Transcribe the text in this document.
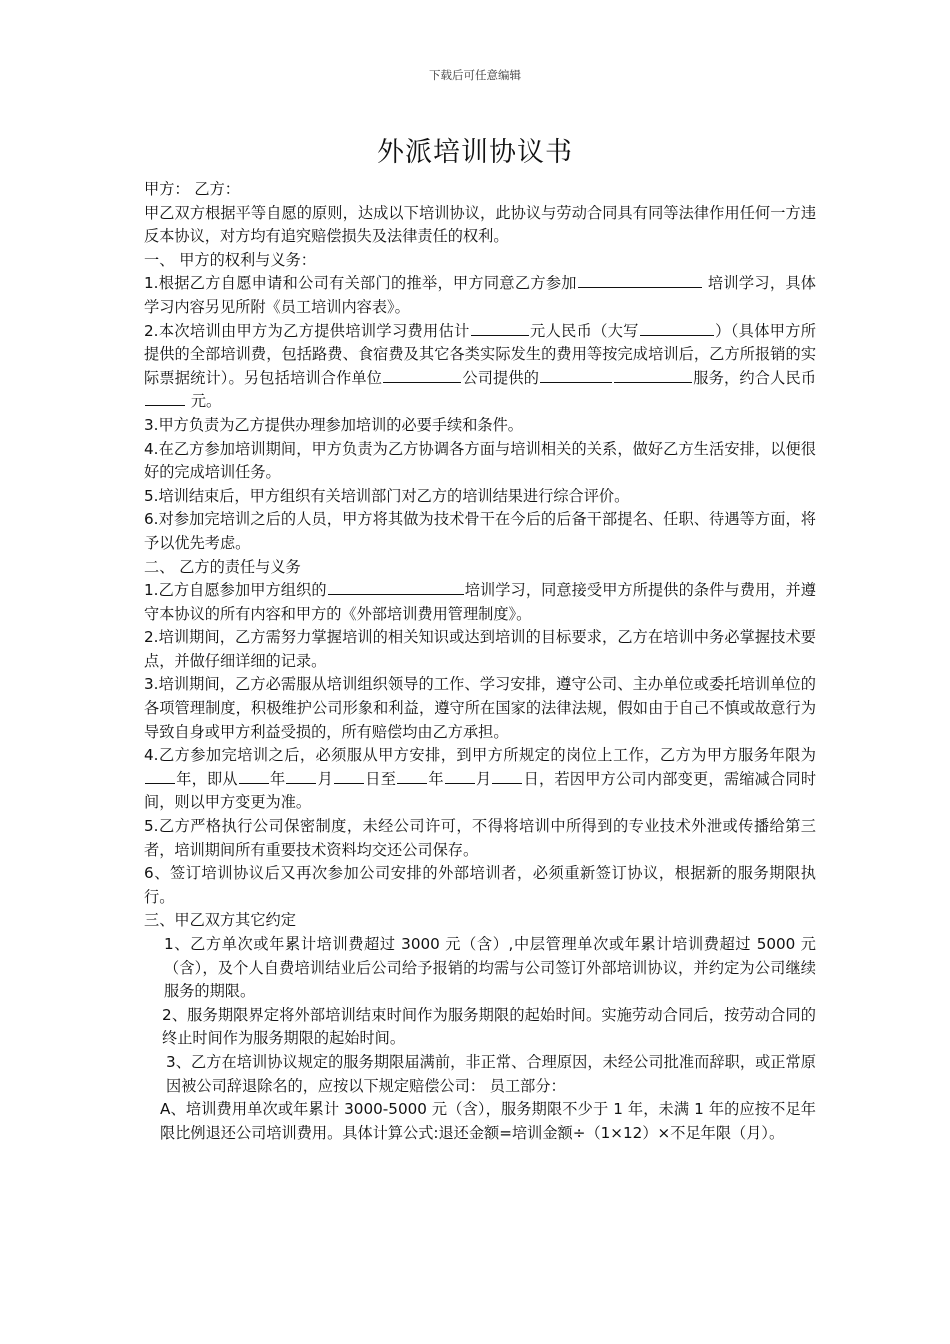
下载后可任意编辑
外派培训协议书

甲方： 乙方：

甲乙双方根据平等自愿的原则，达成以下培训协议，此协议与劳动合同具有同等法律作用任何一方违反本协议，对方均有追究赔偿损失及法律责任的权利。

一、 甲方的权利与义务：

1.根据乙方自愿申请和公司有关部门的推举，甲方同意乙方参加	培训学习，具体学习内容另见所附《员工培训内容表》。

2.本次培训由甲方为乙方提供培训学习费用估计	元人民币（大写	）（具体甲方所提供的全部培训费，包括路费、食宿费及其它各类实际发生的费用等按完成培训后，乙方所报销的实际票据统计）。另包括培训合作单位	公司提供的	服务，约合人民币 元。

3.甲方负责为乙方提供办理参加培训的必要手续和条件。

4.在乙方参加培训期间，甲方负责为乙方协调各方面与培训相关的关系，做好乙方生活安排，以便很好的完成培训任务。

5.培训结束后，甲方组织有关培训部门对乙方的培训结果进行综合评价。

6.对参加完培训之后的人员，甲方将其做为技术骨干在今后的后备干部提名、任职、待遇等方面，将予以优先考虑。

二、 乙方的责任与义务

1.乙方自愿参加甲方组织的	培训学习，同意接受甲方所提供的条件与费用，并遵守本协议的所有内容和甲方的《外部培训费用管理制度》。

2.培训期间，乙方需努力掌握培训的相关知识或达到培训的目标要求，乙方在培训中务必掌握技术要点，并做仔细详细的记录。

3.培训期间，乙方必需服从培训组织领导的工作、学习安排，遵守公司、主办单位或委托培训单位的各项管理制度，积极维护公司形象和利益，遵守所在国家的法律法规，假如由于自己不慎或故意行为导致自身或甲方利益受损的，所有赔偿均由乙方承担。

4.乙方参加完培训之后，必须服从甲方安排，到甲方所规定的岗位上工作，乙方为甲方服务年限为年，即从 年 月 日至 年 月 日，若因甲方公司内部变更，需缩减合同时间，则以甲方变更为准。

5.乙方严格执行公司保密制度，未经公司许可，不得将培训中所得到的专业技术外泄或传播给第三者，培训期间所有重要技术资料均交还公司保存。

6、签订培训协议后又再次参加公司安排的外部培训者，必须重新签订协议，根据新的服务期限执行。

三、甲乙双方其它约定

1、乙方单次或年累计培训费超过 3000 元（含）,中层管理单次或年累计培训费超过 5000 元（含），及个人自费培训结业后公司给予报销的均需与公司签订外部培训协议，并约定为公司继续服务的期限。

2、服务期限界定将外部培训结束时间作为服务期限的起始时间。实施劳动合同后，按劳动合同的终止时间作为服务期限的起始时间。

3、乙方在培训协议规定的服务期限届满前，非正常、合理原因，未经公司批准而辞职，或正常原因被公司辞退除名的，应按以下规定赔偿公司： 员工部分：

A、培训费用单次或年累计 3000-5000 元（含），服务期限不少于 1 年，未满 1 年的应按不足年限比例退还公司培训费用。具体计算公式:退还金额=培训金额÷（1×12）×不足年限（月）。
